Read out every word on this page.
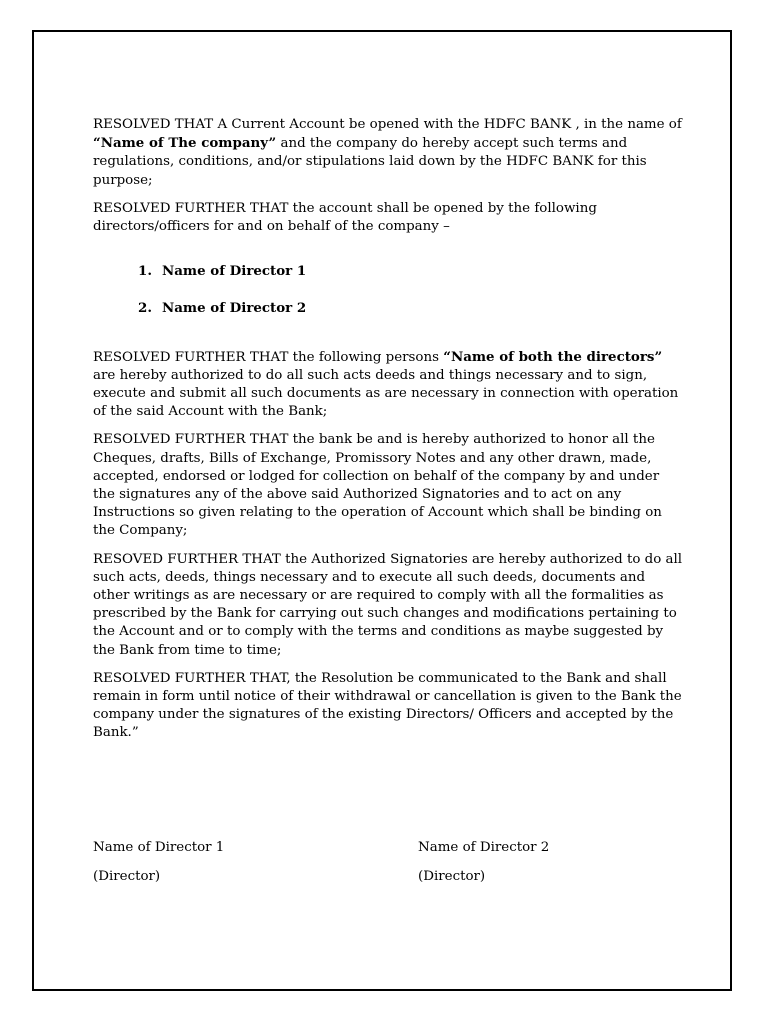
RESOLVED THAT A Current Account be opened with the HDFC BANK , in the name of “Name of The company” and the company do hereby accept such terms and regulations, conditions, and/or stipulations laid down by the HDFC BANK for this purpose;

RESOLVED FURTHER THAT the account shall be opened by the following directors/officers for and on behalf of the company –

1. Name of Director 1
2. Name of Director 2

RESOLVED FURTHER THAT the following persons “Name of both the directors” are hereby authorized to do all such acts deeds and things necessary and to sign, execute and submit all such documents as are necessary in connection with operation of the said Account with the Bank;

RESOLVED FURTHER THAT the bank be and is hereby authorized to honor all the Cheques, drafts, Bills of Exchange, Promissory Notes and any other drawn, made, accepted, endorsed or lodged for collection on behalf of the company by and under the signatures any of the above said Authorized Signatories and to act on any Instructions so given relating to the operation of Account which shall be binding on the Company;

RESOVED FURTHER THAT the Authorized Signatories are hereby authorized to do all such acts, deeds, things necessary and to execute all such deeds, documents and other writings as are necessary or are required to comply with all the formalities as prescribed by the Bank for carrying out such changes and modifications pertaining to the Account and or to comply with the terms and conditions as maybe suggested by the Bank from time to time;

RESOLVED FURTHER THAT, the Resolution be communicated to the Bank and shall remain in form until notice of their withdrawal or cancellation is given to the Bank the company under the signatures of the existing Directors/ Officers and accepted by the Bank.”

Name of Director 1
(Director)
Name of Director 2
(Director)
